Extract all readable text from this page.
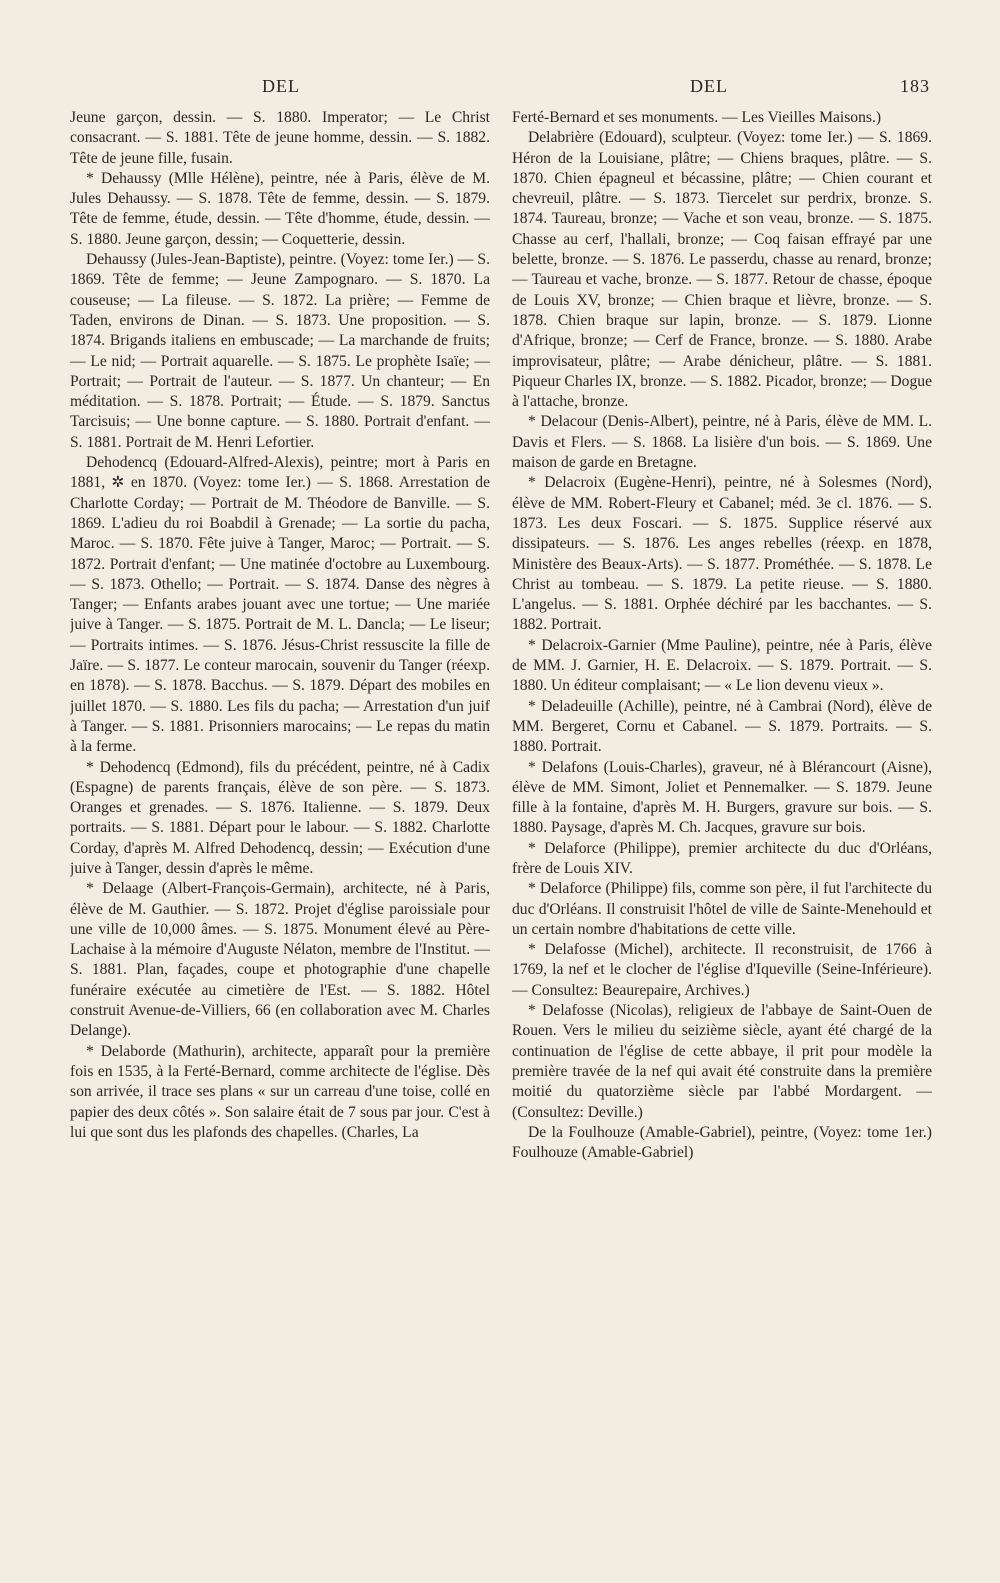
DEL	DEL	183

Jeune garçon, dessin. — S. 1880. Imperator; — Le Christ consacrant. — S. 1881. Tête de jeune homme, dessin. — S. 1882. Tête de jeune fille, fusain.

* Dehaussy (Mlle Hélène), peintre, née à Paris, élève de M. Jules Dehaussy. — S. 1878. Tête de femme, dessin. — S. 1879. Tête de femme, étude, dessin. — Tête d'homme, étude, dessin. — S. 1880. Jeune garçon, dessin; — Coquetterie, dessin.

Dehaussy (Jules-Jean-Baptiste), peintre. (Voyez: tome Ier.) — S. 1869. Tête de femme; — Jeune Zampognaro. — S. 1870. La couseuse; — La fileuse. — S. 1872. La prière; — Femme de Taden, environs de Dinan. — S. 1873. Une proposition. — S. 1874. Brigands italiens en embuscade; — La marchande de fruits; — Le nid; — Portrait aquarelle. — S. 1875. Le prophète Isaïe; — Portrait; — Portrait de l'auteur. — S. 1877. Un chanteur; — En méditation. — S. 1878. Portrait; — Étude. — S. 1879. Sanctus Tarcisuis; — Une bonne capture. — S. 1880. Portrait d'enfant. — S. 1881. Portrait de M. Henri Lefortier.

Dehodencq (Edouard-Alfred-Alexis), peintre; mort à Paris en 1881, ✲ en 1870. (Voyez: tome Ier.) — S. 1868. Arrestation de Charlotte Corday; — Portrait de M. Théodore de Banville. — S. 1869. L'adieu du roi Boabdil à Grenade; — La sortie du pacha, Maroc. — S. 1870. Fête juive à Tanger, Maroc; — Portrait. — S. 1872. Portrait d'enfant; — Une matinée d'octobre au Luxembourg. — S. 1873. Othello; — Portrait. — S. 1874. Danse des nègres à Tanger; — Enfants arabes jouant avec une tortue; — Une mariée juive à Tanger. — S. 1875. Portrait de M. L. Dancla; — Le liseur; — Portraits intimes. — S. 1876. Jésus-Christ ressuscite la fille de Jaïre. — S. 1877. Le conteur marocain, souvenir du Tanger (réexp. en 1878). — S. 1878. Bacchus. — S. 1879. Départ des mobiles en juillet 1870. — S. 1880. Les fils du pacha; — Arrestation d'un juif à Tanger. — S. 1881. Prisonniers marocains; — Le repas du matin à la ferme.

* Dehodencq (Edmond), fils du précédent, peintre, né à Cadix (Espagne) de parents français, élève de son père. — S. 1873. Oranges et grenades. — S. 1876. Italienne. — S. 1879. Deux portraits. — S. 1881. Départ pour le labour. — S. 1882. Charlotte Corday, d'après M. Alfred Dehodencq, dessin; — Exécution d'une juive à Tanger, dessin d'après le même.

* Delaage (Albert-François-Germain), architecte, né à Paris, élève de M. Gauthier. — S. 1872. Projet d'église paroissiale pour une ville de 10,000 âmes. — S. 1875. Monument élevé au Père-Lachaise à la mémoire d'Auguste Nélaton, membre de l'Institut. — S. 1881. Plan, façades, coupe et photographie d'une chapelle funéraire exécutée au cimetière de l'Est. — S. 1882. Hôtel construit Avenue-de-Villiers, 66 (en collaboration avec M. Charles Delange).

* Delaborde (Mathurin), architecte, apparaît pour la première fois en 1535, à la Ferté-Bernard, comme architecte de l'église. Dès son arrivée, il trace ses plans « sur un carreau d'une toise, collé en papier des deux côtés ». Son salaire était de 7 sous par jour. C'est à lui que sont dus les plafonds des chapelles. (Charles, La

Ferté-Bernard et ses monuments. — Les Vieilles Maisons.)

Delabrière (Edouard), sculpteur. (Voyez: tome Ier.) — S. 1869. Héron de la Louisiane, plâtre; — Chiens braques, plâtre. — S. 1870. Chien épagneul et bécassine, plâtre; — Chien courant et chevreuil, plâtre. — S. 1873. Tiercelet sur perdrix, bronze. S. 1874. Taureau, bronze; — Vache et son veau, bronze. — S. 1875. Chasse au cerf, l'hallali, bronze; — Coq faisan effrayé par une belette, bronze. — S. 1876. Le passerdu, chasse au renard, bronze; — Taureau et vache, bronze. — S. 1877. Retour de chasse, époque de Louis XV, bronze; — Chien braque et lièvre, bronze. — S. 1878. Chien braque sur lapin, bronze. — S. 1879. Lionne d'Afrique, bronze; — Cerf de France, bronze. — S. 1880. Arabe improvisateur, plâtre; — Arabe dénicheur, plâtre. — S. 1881. Piqueur Charles IX, bronze. — S. 1882. Picador, bronze; — Dogue à l'attache, bronze.

* Delacour (Denis-Albert), peintre, né à Paris, élève de MM. L. Davis et Flers. — S. 1868. La lisière d'un bois. — S. 1869. Une maison de garde en Bretagne.

* Delacroix (Eugène-Henri), peintre, né à Solesmes (Nord), élève de MM. Robert-Fleury et Cabanel; méd. 3e cl. 1876. — S. 1873. Les deux Foscari. — S. 1875. Supplice réservé aux dissipateurs. — S. 1876. Les anges rebelles (réexp. en 1878, Ministère des Beaux-Arts). — S. 1877. Prométhée. — S. 1878. Le Christ au tombeau. — S. 1879. La petite rieuse. — S. 1880. L'angelus. — S. 1881. Orphée déchiré par les bacchantes. — S. 1882. Portrait.

* Delacroix-Garnier (Mme Pauline), peintre, née à Paris, élève de MM. J. Garnier, H. E. Delacroix. — S. 1879. Portrait. — S. 1880. Un éditeur complaisant; — « Le lion devenu vieux ».

* Deladeuille (Achille), peintre, né à Cambrai (Nord), élève de MM. Bergeret, Cornu et Cabanel. — S. 1879. Portraits. — S. 1880. Portrait.

* Delafons (Louis-Charles), graveur, né à Blérancourt (Aisne), élève de MM. Simont, Joliet et Pennemalker. — S. 1879. Jeune fille à la fontaine, d'après M. H. Burgers, gravure sur bois. — S. 1880. Paysage, d'après M. Ch. Jacques, gravure sur bois.

* Delaforce (Philippe), premier architecte du duc d'Orléans, frère de Louis XIV.

* Delaforce (Philippe) fils, comme son père, il fut l'architecte du duc d'Orléans. Il construisit l'hôtel de ville de Sainte-Menehould et un certain nombre d'habitations de cette ville.

* Delafosse (Michel), architecte. Il reconstruisit, de 1766 à 1769, la nef et le clocher de l'église d'Iqueville (Seine-Inférieure). — Consultez: Beaurepaire, Archives.)

* Delafosse (Nicolas), religieux de l'abbaye de Saint-Ouen de Rouen. Vers le milieu du seizième siècle, ayant été chargé de la continuation de l'église de cette abbaye, il prit pour modèle la première travée de la nef qui avait été construite dans la première moitié du quatorzième siècle par l'abbé Mordargent. — (Consultez: Deville.)

De la Foulhouze (Amable-Gabriel), peintre, (Voyez: tome 1er.) Foulhouze (Amable-Gabriel)
